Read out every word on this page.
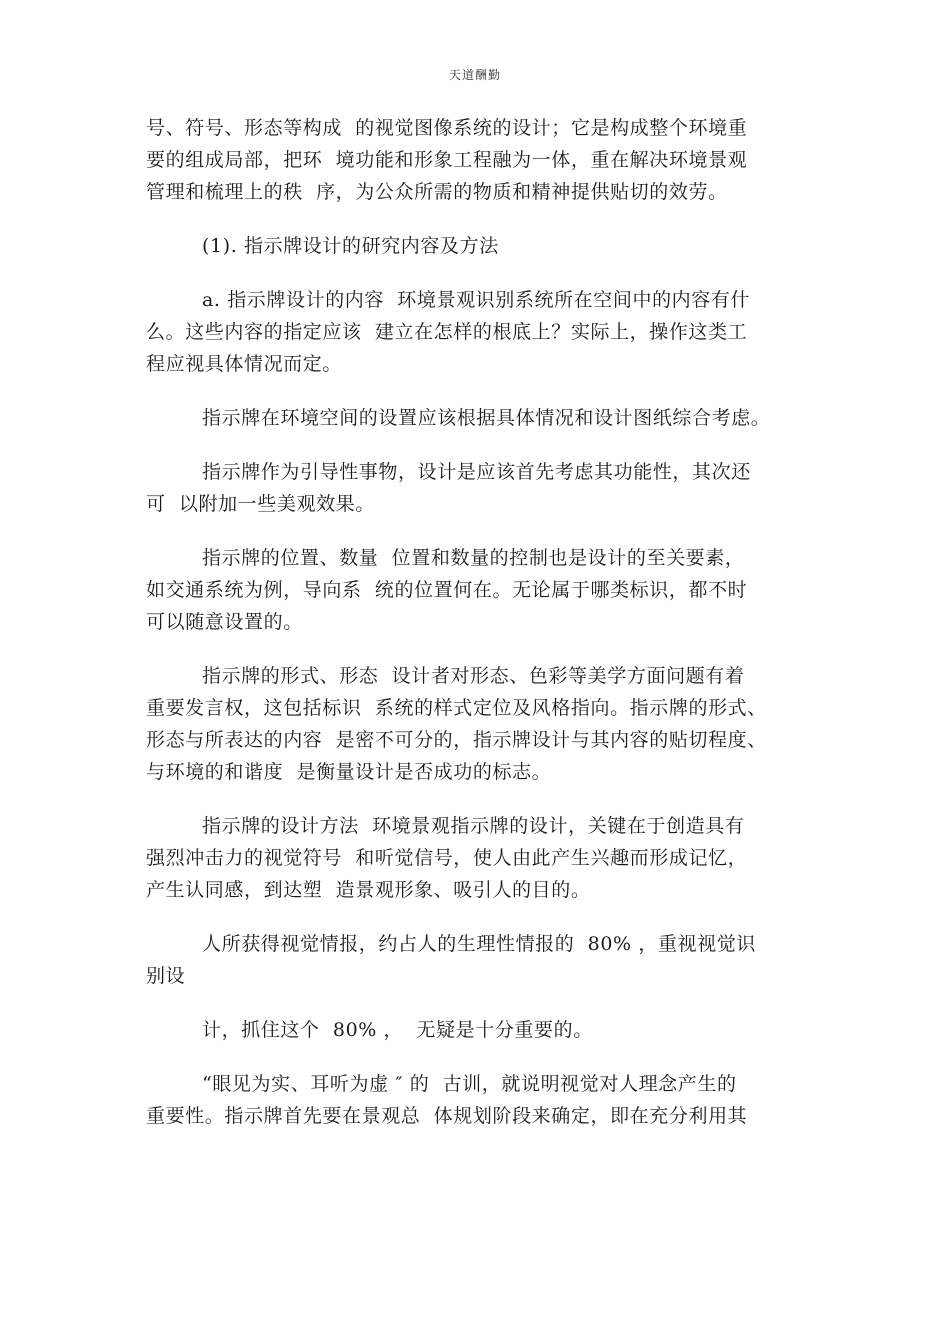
天道酬勤

号、符号、形态等构成  的视觉图像系统的设计；它是构成整个环境重
要的组成局部，把环  境功能和形象工程融为一体，重在解决环境景观
管理和梳理上的秩  序，为公众所需的物质和精神提供贴切的效劳。

(1). 指示牌设计的研究内容及方法

a. 指示牌设计的内容  环境景观识别系统所在空间中的内容有什
么。这些内容的指定应该  建立在怎样的根底上？实际上，操作这类工
程应视具体情况而定。

指示牌在环境空间的设置应该根据具体情况和设计图纸综合考虑。

指示牌作为引导性事物，设计是应该首先考虑其功能性，其次还
可  以附加一些美观效果。

指示牌的位置、数量  位置和数量的控制也是设计的至关要素，
如交通系统为例，导向系  统的位置何在。无论属于哪类标识，都不时
可以随意设置的。

指示牌的形式、形态  设计者对形态、色彩等美学方面问题有着
重要发言权，这包括标识  系统的样式定位及风格指向。指示牌的形式、
形态与所表达的内容  是密不可分的，指示牌设计与其内容的贴切程度、
与环境的和谐度  是衡量设计是否成功的标志。

指示牌的设计方法  环境景观指示牌的设计，关键在于创造具有
强烈冲击力的视觉符号  和听觉信号，使人由此产生兴趣而形成记忆，
产生认同感，到达塑  造景观形象、吸引人的目的。

人所获得视觉情报，约占人的生理性情报的  80% ，重视视觉识
别设

计，抓住这个  80% ，  无疑是十分重要的。

“眼见为实、耳听为虚 ″ 的  古训，就说明视觉对人理念产生的
重要性。指示牌首先要在景观总  体规划阶段来确定，即在充分利用其
